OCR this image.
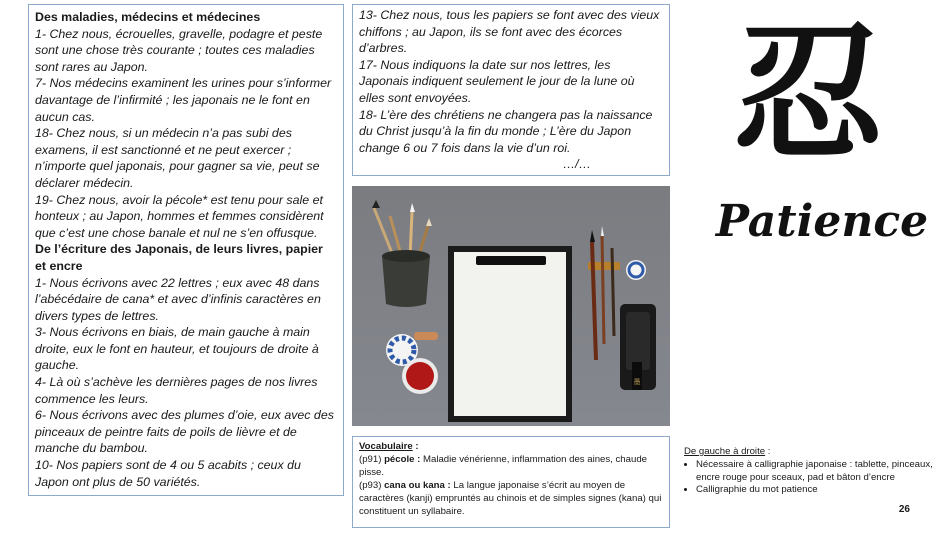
Des maladies, médecins et médecines

1- Chez nous, écrouelles, gravelle, podagre et peste sont une chose très courante ; toutes ces maladies sont rares au Japon.

7- Nos médecins examinent les urines pour s’informer davantage de l’infirmité ; les japonais ne le font en aucun cas.

18- Chez nous, si un médecin n’a pas subi des examens, il est sanctionné et ne peut exercer ; n’importe quel japonais, pour gagner sa vie, peut se déclarer médecin.

19- Chez nous, avoir la pécole* est tenu pour sale et honteux ; au Japon, hommes et femmes considèrent que c’est une chose banale et nul ne s’en offusque.

De l’écriture des Japonais, de leurs livres, papier et encre

1- Nous écrivons avec 22 lettres ; eux avec 48 dans l’abécédaire de cana* et avec d’infinis caractères en divers types de lettres.

3- Nous écrivons en biais, de main gauche à main droite, eux le font en hauteur, et toujours de droite à gauche.

4- Là où s’achève les dernières pages de nos livres commence les leurs.

6- Nous écrivons avec des plumes d’oie, eux avec des pinceaux de peintre faits de poils de lièvre et de manche du bambou.

10- Nos papiers sont de 4 ou 5 acabits ; ceux du Japon ont plus de 50 variétés.

13- Chez nous, tous les papiers se font avec des vieux chiffons ; au Japon, ils se font avec des écorces d’arbres.

17- Nous indiquons la date sur nos lettres, les Japonais indiquent seulement le jour de la lune où elles sont envoyées.

18- L’ère des chrétiens ne changera pas la naissance du Christ jusqu’à la fin du monde ; L’ère du Japon change 6 ou 7 fois dans la vie d’un roi.

…/…
墨
Vocabulaire :
(p91) pécole : Maladie vénérienne, inflammation des aines, chaude pisse.
(p93) cana ou kana : La langue japonaise s’écrit au moyen de caractères (kanji) empruntés au chinois et de simples signes (kana) qui constituent un syllabaire.
忍
Patience
De gauche à droite :
• Nécessaire à calligraphie japonaise : tablette, pinceaux, encre rouge pour sceaux, pad et bâton d’encre
• Calligraphie du mot patience
26
